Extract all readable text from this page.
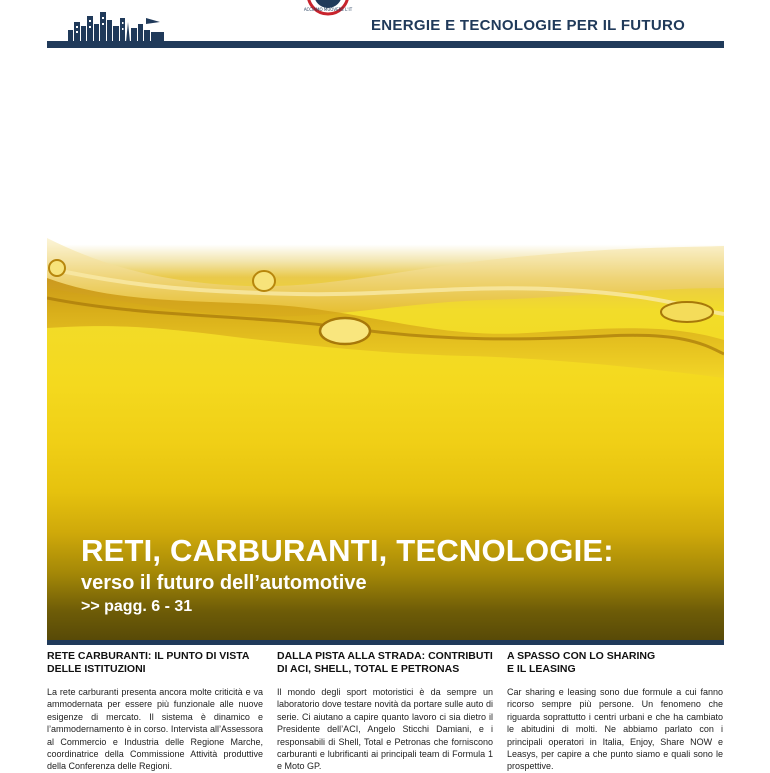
ACCIAMO MUOVERE L'IT
ENERGIE E TECNOLOGIE PER IL FUTURO
RETI, CARBURANTI, TECNOLOGIE:
verso il futuro dell’automotive
>> pagg. 6 - 31
RETE CARBURANTI: IL PUNTO DI VISTA
DELLE ISTITUZIONI

La rete carburanti presenta ancora molte criticità e va ammodernata per essere più funzionale alle nuove esigenze di mercato. Il sistema è dinamico e l’ammodernamento è in corso. Intervista all’Assessora al Commercio e Industria delle Regione Marche, coordinatrice della Commissione Attività produttive della Conferenza delle Regioni.

DALLA PISTA ALLA STRADA: CONTRIBUTI
DI ACI, SHELL, TOTAL E PETRONAS

Il mondo degli sport motoristici è da sempre un laboratorio dove testare novità da portare sulle auto di serie. Ci aiutano a capire quanto lavoro ci sia dietro il Presidente dell’ACI, Angelo Sticchi Damiani, e i responsabili di Shell, Total e Petronas che forniscono carburanti e lubrificanti ai principali team di Formula 1 e Moto GP.

A SPASSO CON LO SHARING
E IL LEASING

Car sharing e leasing sono due formule a cui fanno ricorso sempre più persone. Un fenomeno che riguarda soprattutto i centri urbani e che ha cambiato le abitudini di molti. Ne abbiamo parlato con i principali operatori in Italia, Enjoy, Share NOW e Leasys, per capire a che punto siamo e quali sono le prospettive.
